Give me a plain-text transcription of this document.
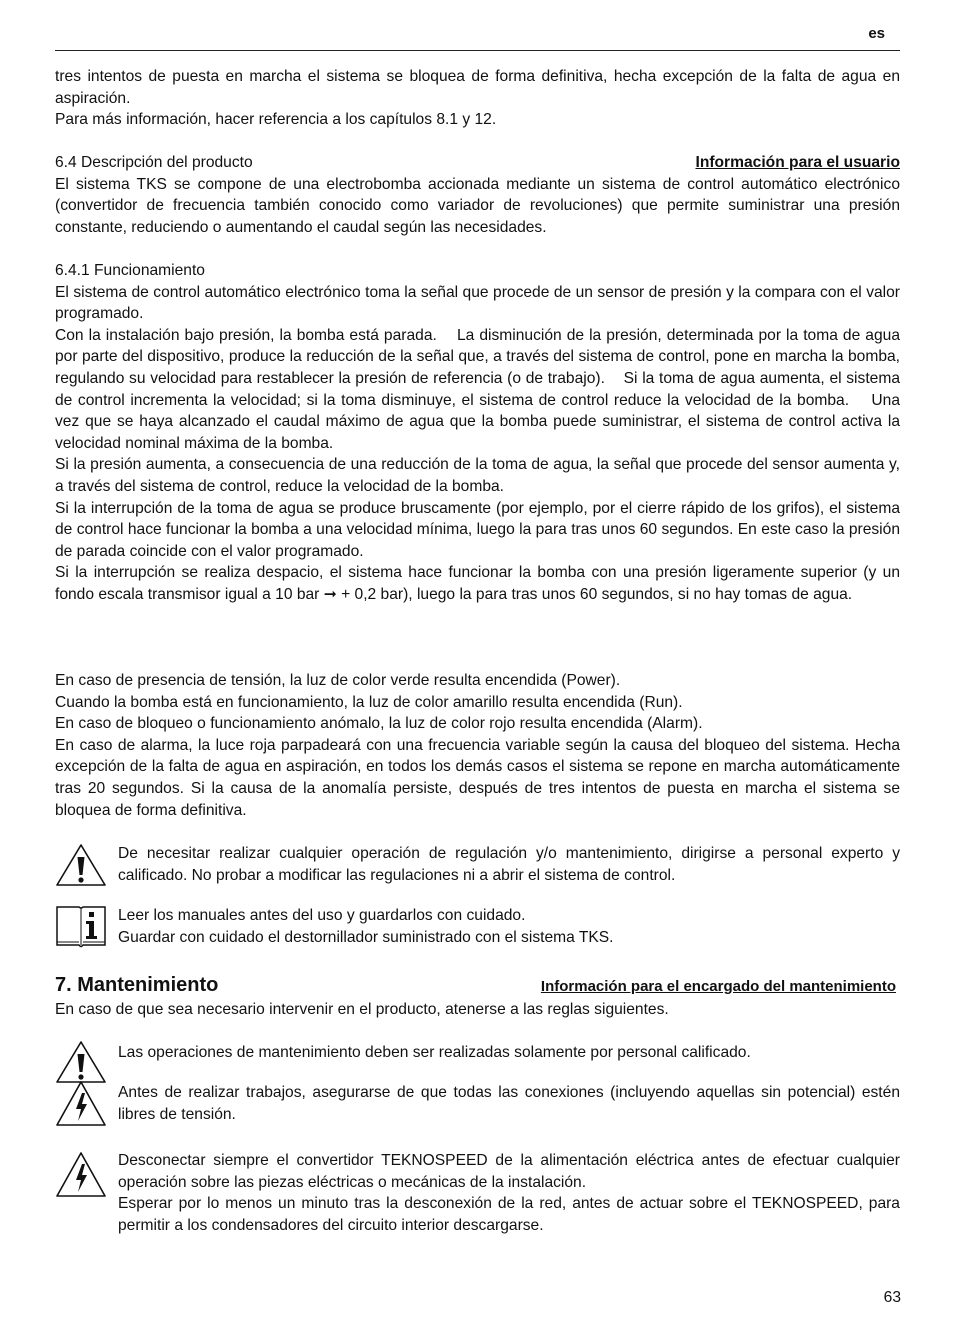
es

tres intentos de puesta en marcha el sistema se bloquea de forma definitiva, hecha excepción de la falta de agua en aspiración.

Para más información, hacer referencia a los capítulos 8.1 y 12.

6.4 Descripción del producto	Información para el usuario

El sistema TKS se compone de una electrobomba accionada mediante un sistema de control automático electrónico (convertidor de frecuencia también conocido como variador de revoluciones) que permite suministrar una presión constante, reduciendo o aumentando el caudal según las necesidades.

6.4.1 Funcionamiento

El sistema de control automático electrónico toma la señal que procede de un sensor de presión y la compara con el valor programado.

Con la instalación bajo presión, la bomba está parada.    La disminución de la presión, determinada por la toma de agua por parte del dispositivo, produce la reducción de la señal que, a través del sistema de control, pone en marcha la bomba, regulando su velocidad para restablecer la presión de referencia (o de trabajo).    Si la toma de agua aumenta, el sistema de control incrementa la velocidad; si la toma disminuye, el sistema de control reduce la velocidad de la bomba.    Una vez que se haya alcanzado el caudal máximo de agua que la bomba puede suministrar, el sistema de control activa la velocidad nominal máxima de la bomba.

Si la presión aumenta, a consecuencia de una reducción de la toma de agua, la señal que procede del sensor aumenta y, a través del sistema de control, reduce la velocidad de la bomba.

Si la interrupción de la toma de agua se produce bruscamente (por ejemplo, por el cierre rápido de los grifos), el sistema de control hace funcionar la bomba a una velocidad mínima, luego la para tras unos 60 segundos. En este caso la presión de parada coincide con el valor programado.

Si la interrupción se realiza despacio, el sistema hace funcionar la bomba con una presión ligeramente superior (y un fondo escala transmisor igual a 10 bar ➞ + 0,2 bar), luego la para tras unos 60 segundos, si no hay tomas de agua.

En caso de presencia de tensión, la luz de color verde resulta encendida (Power).

Cuando la bomba está en funcionamiento, la luz de color amarillo resulta encendida (Run).

En caso de bloqueo o funcionamiento anómalo, la luz de color rojo resulta encendida (Alarm).

En caso de alarma, la luce roja parpadeará con una frecuencia variable según la causa del bloqueo del sistema. Hecha excepción de la falta de agua en aspiración, en todos los demás casos el sistema se repone en marcha automáticamente tras 20 segundos. Si la causa de la anomalía persiste, después de tres intentos de puesta en marcha el sistema se bloquea de forma definitiva.

De necesitar realizar cualquier operación de regulación y/o mantenimiento, dirigirse a personal experto y calificado. No probar a modificar las regulaciones ni a abrir el sistema de control.

Leer los manuales antes del uso y guardarlos con cuidado.

Guardar con cuidado el destornillador suministrado con el sistema TKS.

7. Mantenimiento	Información para el encargado del mantenimiento

En caso de que sea necesario intervenir en el producto, atenerse a las reglas siguientes.

Las operaciones de mantenimiento deben ser realizadas solamente por personal calificado.

Antes de realizar trabajos, asegurarse de que todas las conexiones (incluyendo aquellas sin potencial) estén libres de tensión.

Desconectar siempre el convertidor TEKNOSPEED de la alimentación eléctrica antes de efectuar cualquier operación sobre las piezas eléctricas o mecánicas de la instalación.

Esperar por lo menos un minuto tras la desconexión de la red, antes de actuar sobre el TEKNOSPEED, para permitir a los condensadores del circuito interior descargarse.

63
